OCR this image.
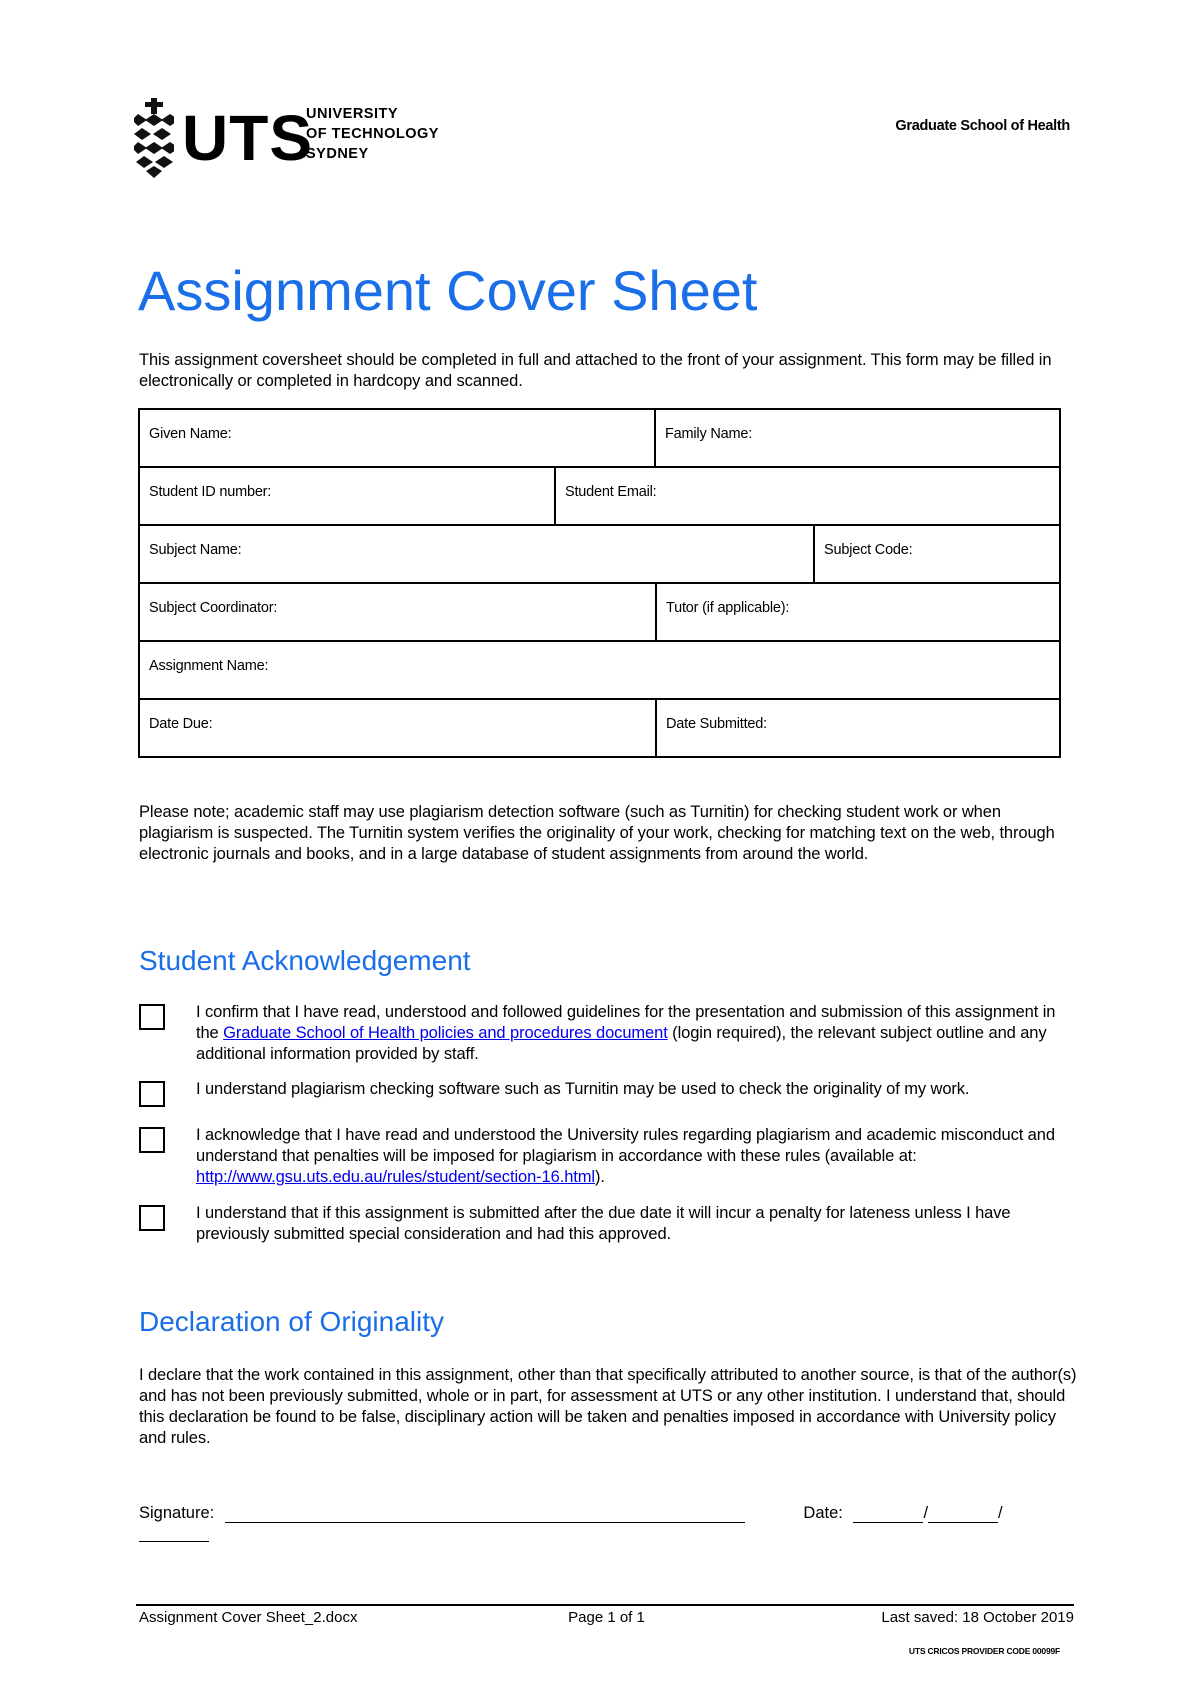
UTS
UNIVERSITY
OF TECHNOLOGY
SYDNEY
Graduate School of Health
Assignment Cover Sheet
This assignment coversheet should be completed in full and attached to the front of your assignment. This form may be filled in electronically or completed in hardcopy and scanned.
Given Name:	Family Name:
Student ID number:	Student Email:
Subject Name:	Subject Code:
Subject Coordinator:	Tutor (if applicable):
Assignment Name:
Date Due:	Date Submitted:
Please note; academic staff may use plagiarism detection software (such as Turnitin) for checking student work or when plagiarism is suspected. The Turnitin system verifies the originality of your work, checking for matching text on the web, through electronic journals and books, and in a large database of student assignments from around the world.
Student Acknowledgement
I confirm that I have read, understood and followed guidelines for the presentation and submission of this assignment in the Graduate School of Health policies and procedures document (login required), the relevant subject outline and any additional information provided by staff.
I understand plagiarism checking software such as Turnitin may be used to check the originality of my work.
I acknowledge that I have read and understood the University rules regarding plagiarism and academic misconduct and understand that penalties will be imposed for plagiarism in accordance with these rules (available at: http://www.gsu.uts.edu.au/rules/student/section-16.html).
I understand that if this assignment is submitted after the due date it will incur a penalty for lateness unless I have previously submitted special consideration and had this approved.
Declaration of Originality
I declare that the work contained in this assignment, other than that specifically attributed to another source, is that of the author(s) and has not been previously submitted, whole or in part, for assessment at UTS or any other institution. I understand that, should this declaration be found to be false, disciplinary action will be taken and penalties imposed in accordance with University policy and rules.
Signature:	Date:	/	/
Assignment Cover Sheet_2.docx	Page 1 of 1	Last saved: 18 October 2019
UTS CRICOS PROVIDER CODE 00099F
